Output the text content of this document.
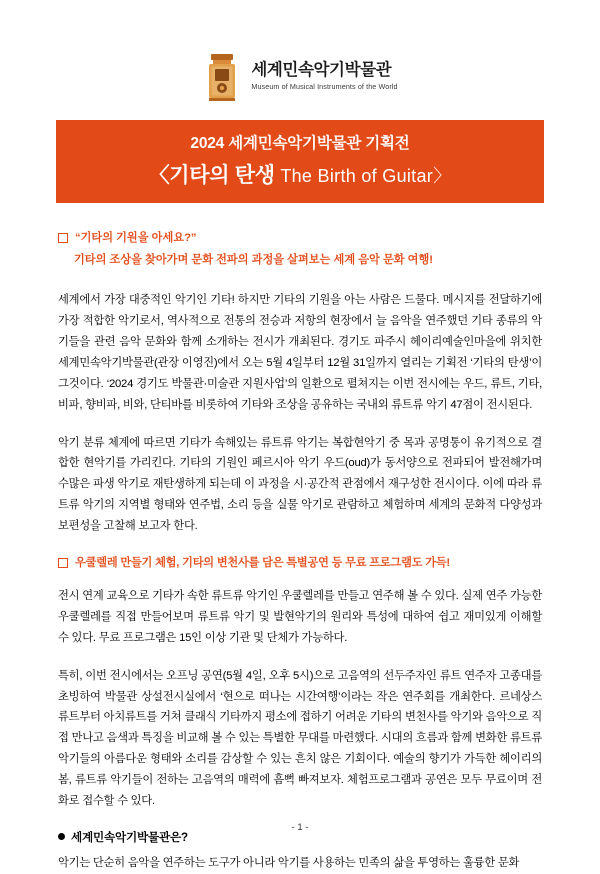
세계민속악기박물관
Museum of Musical Instruments of the World
2024 세계민속악기박물관 기획전
〈기타의 탄생 The Birth of Guitar〉
“기타의 기원을 아세요?”
기타의 조상을 찾아가며 문화 전파의 과정을 살펴보는 세계 음악 문화 여행!

세계에서 가장 대중적인 악기인 기타! 하지만 기타의 기원을 아는 사람은 드물다. 메시지를 전달하기에 가장 적합한 악기로서, 역사적으로 전통의 전승과 저항의 현장에서 늘 음악을 연주했던 기타 종류의 악기들을 관련 음악 문화와 함께 소개하는 전시가 개최된다. 경기도 파주시 헤이리예술인마을에 위치한 세계민속악기박물관(관장 이영진)에서 오는 5월 4일부터 12월 31일까지 열리는 기획전 ‘기타의 탄생’이 그것이다. ‘2024 경기도 박물관·미술관 지원사업’의 일환으로 펼쳐지는 이번 전시에는 우드, 류트, 기타, 비파, 향비파, 비와, 단티바를 비롯하여 기타와 조상을 공유하는 국내외 류트류 악기 47점이 전시된다.

악기 분류 체계에 따르면 기타가 속해있는 류트류 악기는 복합현악기 중 목과 공명통이 유기적으로 결합한 현악기를 가리킨다. 기타의 기원인 페르시아 악기 우드(oud)가 동서양으로 전파되어 발전해가며 수많은 파생 악기로 재탄생하게 되는데 이 과정을 시·공간적 관점에서 재구성한 전시이다. 이에 따라 류트류 악기의 지역별 형태와 연주법, 소리 등을 실물 악기로 관람하고 체험하며 세계의 문화적 다양성과 보편성을 고찰해 보고자 한다.

우쿨렐레 만들기 체험, 기타의 변천사를 담은 특별공연 등 무료 프로그램도 가득!

전시 연계 교육으로 기타가 속한 류트류 악기인 우쿨렐레를 만들고 연주해 볼 수 있다. 실제 연주 가능한 우쿨렐레를 직접 만들어보며 류트류 악기 및 발현악기의 원리와 특성에 대하여 쉽고 재미있게 이해할 수 있다. 무료 프로그램은 15인 이상 기관 및 단체가 가능하다.

특히, 이번 전시에서는 오프닝 공연(5월 4일, 오후 5시)으로 고음역의 선두주자인 류트 연주자 고종대를 초빙하여 박물관 상설전시실에서 ‘현으로 떠나는 시간여행’이라는 작은 연주회를 개최한다. 르네상스 류트부터 아치류트를 거쳐 클래식 기타까지 평소에 접하기 어려운 기타의 변천사를 악기와 음악으로 직접 만나고 음색과 특징을 비교해 볼 수 있는 특별한 무대를 마련했다. 시대의 흐름과 함께 변화한 류트류 악기들의 아름다운 형태와 소리를 감상할 수 있는 흔치 않은 기회이다. 예술의 향기가 가득한 헤이리의 봄, 류트류 악기들이 전하는 고음역의 매력에 흠뻑 빠져보자. 체험프로그램과 공연은 모두 무료이며 전화로 접수할 수 있다.

세계민속악기박물관은?

악기는 단순히 음악을 연주하는 도구가 아니라 악기를 사용하는 민족의 삶을 투영하는 훌륭한 문화

- 1 -
